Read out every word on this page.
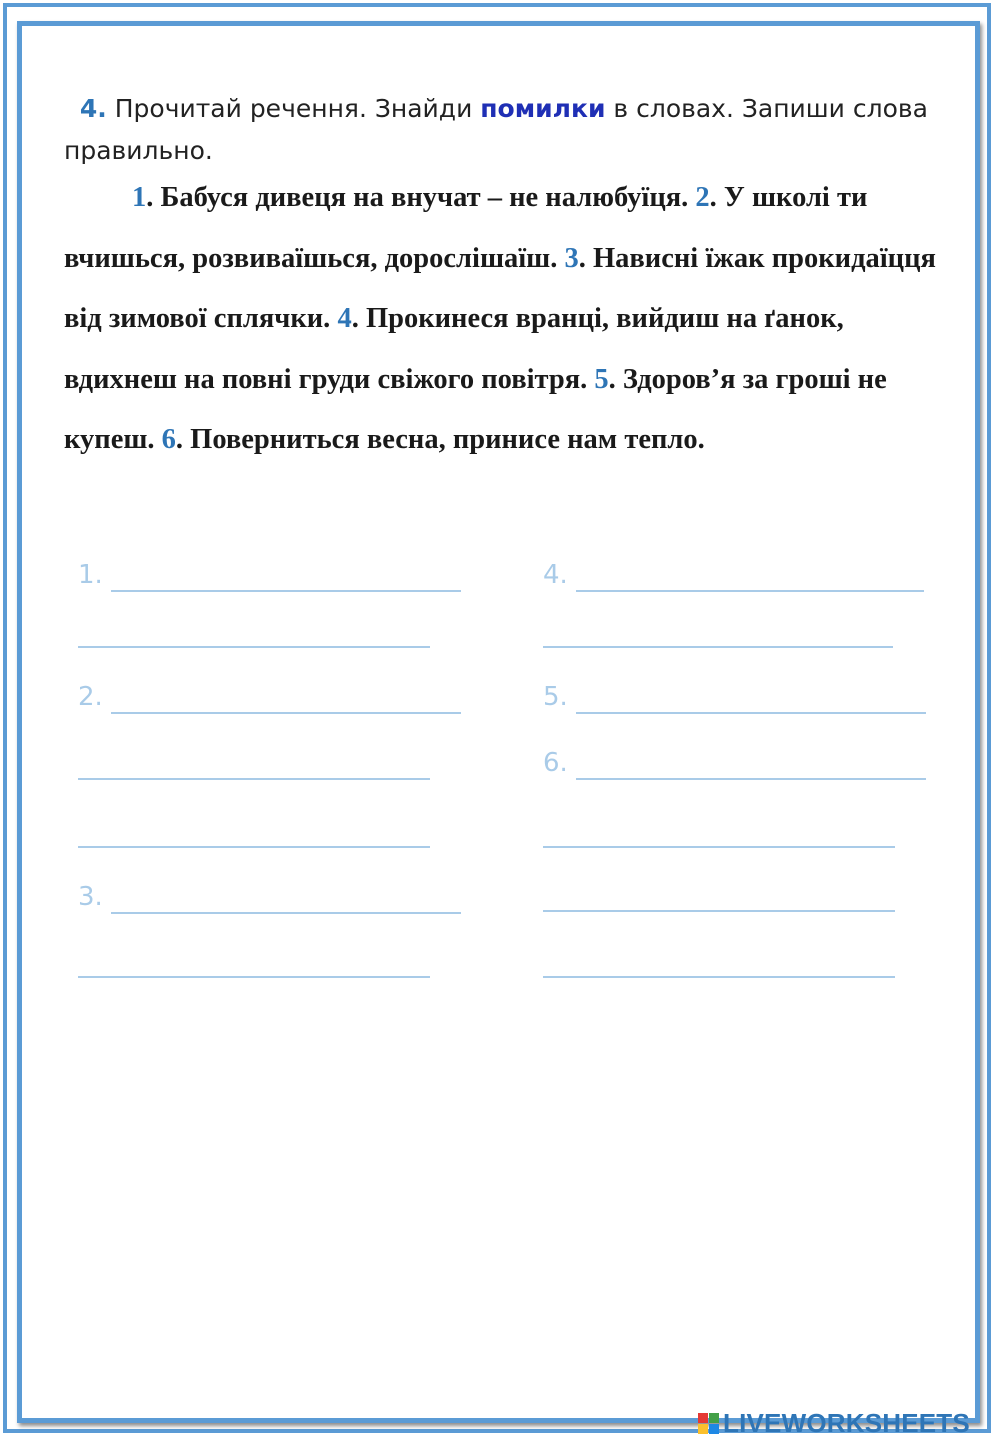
4. Прочитай речення. Знайди помилки в словах. Запиши слова правильно.
1. Бабуся дивеця на внучат – не налюбуїця. 2. У школі ти вчишься, розвиваїшься, дорослішаїш. 3. Нависні їжак прокидаїцця від зимової сплячки. 4. Прокинеся вранці, вийдиш на ґанок, вдихнеш на повні груди свіжого повітря. 5. Здоров’я за гроші не купеш. 6. Поверниться весна, принисе нам тепло.
1.
2.
3.
4.
5.
6.
LIVEWORKSHEETS
